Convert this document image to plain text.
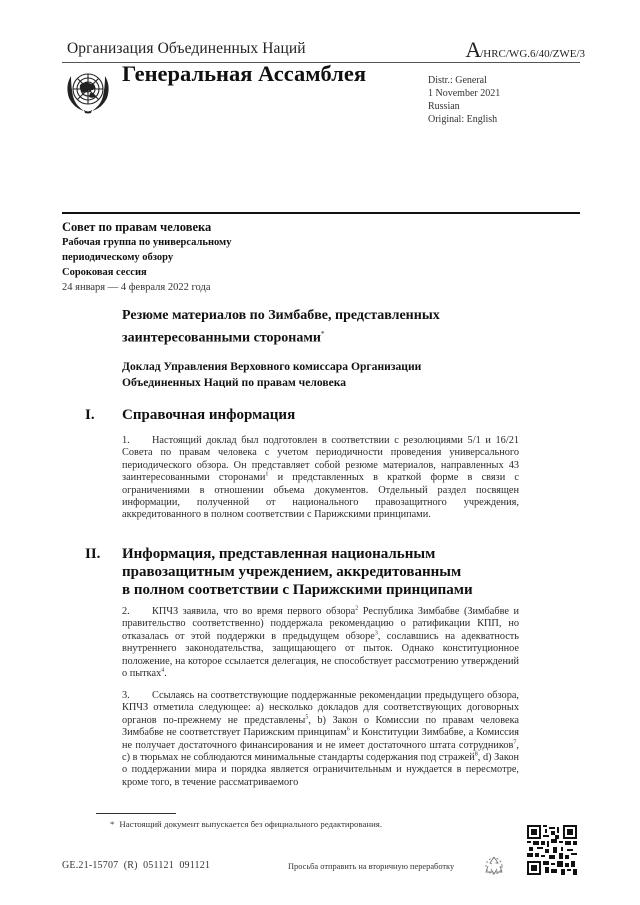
Организация Объединенных Наций	A/HRC/WG.6/40/ZWE/3
Генеральная Ассамблея	Distr.: General
1 November 2021
Russian
Original: English
Совет по правам человека
Рабочая группа по универсальному
периодическому обзору
Сороковая сессия
24 января — 4 февраля 2022 года
Резюме материалов по Зимбабве, представленных
заинтересованными сторонами*
Доклад Управления Верховного комиссара Организации
Объединенных Наций по правам человека
I. Справочная информация
1. Настоящий доклад был подготовлен в соответствии с резолюциями 5/1 и 16/21 Совета по правам человека с учетом периодичности проведения универсального периодического обзора. Он представляет собой резюме материалов, направленных 43 заинтересованными сторонами$^1$ и представленных в краткой форме в связи с ограничениями в отношении объема документов. Отдельный раздел посвящен информации, полученной от национального правозащитного учреждения, аккредитованного в полном соответствии с Парижскими принципами.
II. Информация, представленная национальным
правозащитным учреждением, аккредитованным
в полном соответствии с Парижскими принципами
2. КПЧЗ заявила, что во время первого обзора$^2$ Республика Зимбабве (Зимбабве и правительство соответственно) поддержала рекомендацию о ратификации КПП, но отказалась от этой поддержки в предыдущем обзоре$^3$, сославшись на адекватность внутреннего законодательства, защищающего от пыток. Однако конституционное положение, на которое ссылается делегация, не способствует рассмотрению утверждений о пытках$^4$.
3. Ссылаясь на соответствующие поддержанные рекомендации предыдущего обзора, КПЧЗ отметила следующее: a) несколько докладов для соответствующих договорных органов по-прежнему не представлены$^5$, b) Закон о Комиссии по правам человека Зимбабве не соответствует Парижским принципам$^6$ и Конституции Зимбабве, а Комиссия не получает достаточного финансирования и не имеет достаточного штата сотрудников$^7$, c) в тюрьмах не соблюдаются минимальные стандарты содержания под стражей$^8$, d) Закон о поддержании мира и порядка является ограничительным и нуждается в пересмотре, кроме того, в течение рассматриваемого
* Настоящий документ выпускается без официального редактирования.
GE.21-15707  (R)  051121  091121	Просьба отправить на вторичную переработку
